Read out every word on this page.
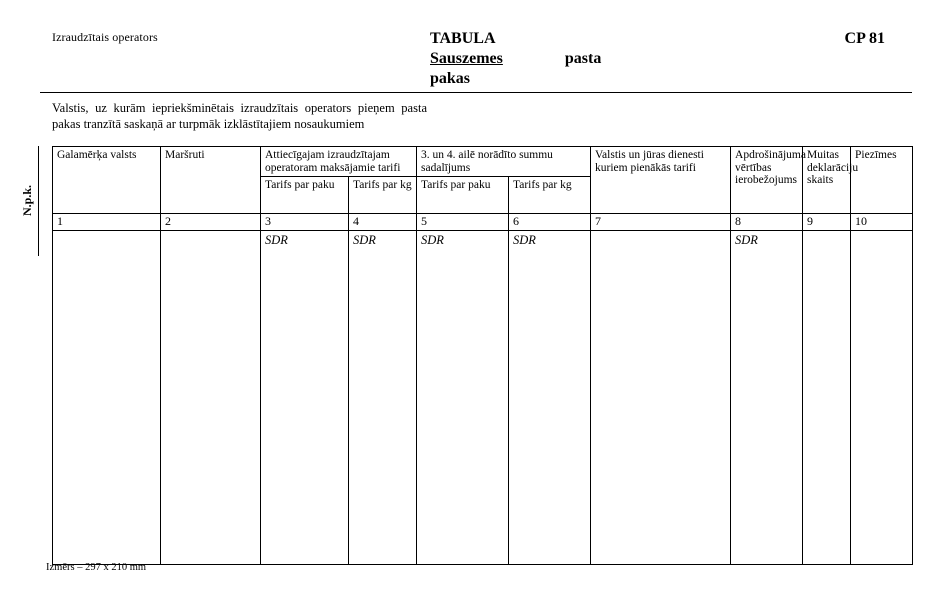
Izraudzītais operators	TABULA
Sauszemes	pasta
pakas
CP 81
Valstis, uz kurām iepriekšminētais izraudzītais operators pieņem pasta pakas tranzītā saskaņā ar turpmāk izklāstītajiem nosaukumiem
N.p.k.
Galamērķa valsts	Maršruti	Attiecīgajam izraudzītajam operatoram maksājamie tarifi		3. un 4. ailē norādīto summu sadalījums		Valstis un jūras dienesti kuriem pienākās tarifi	Apdrošinājuma vērtības ierobežojums	Muitas deklarāciju skaits	Piezīmes
		Tarifs par paku	Tarifs par kg	Tarifs par paku	Tarifs par kg				
1	2	3	4	5	6	7	8	9	10
		SDR	SDR	SDR	SDR		SDR		
Izmērs – 297 x 210 mm
